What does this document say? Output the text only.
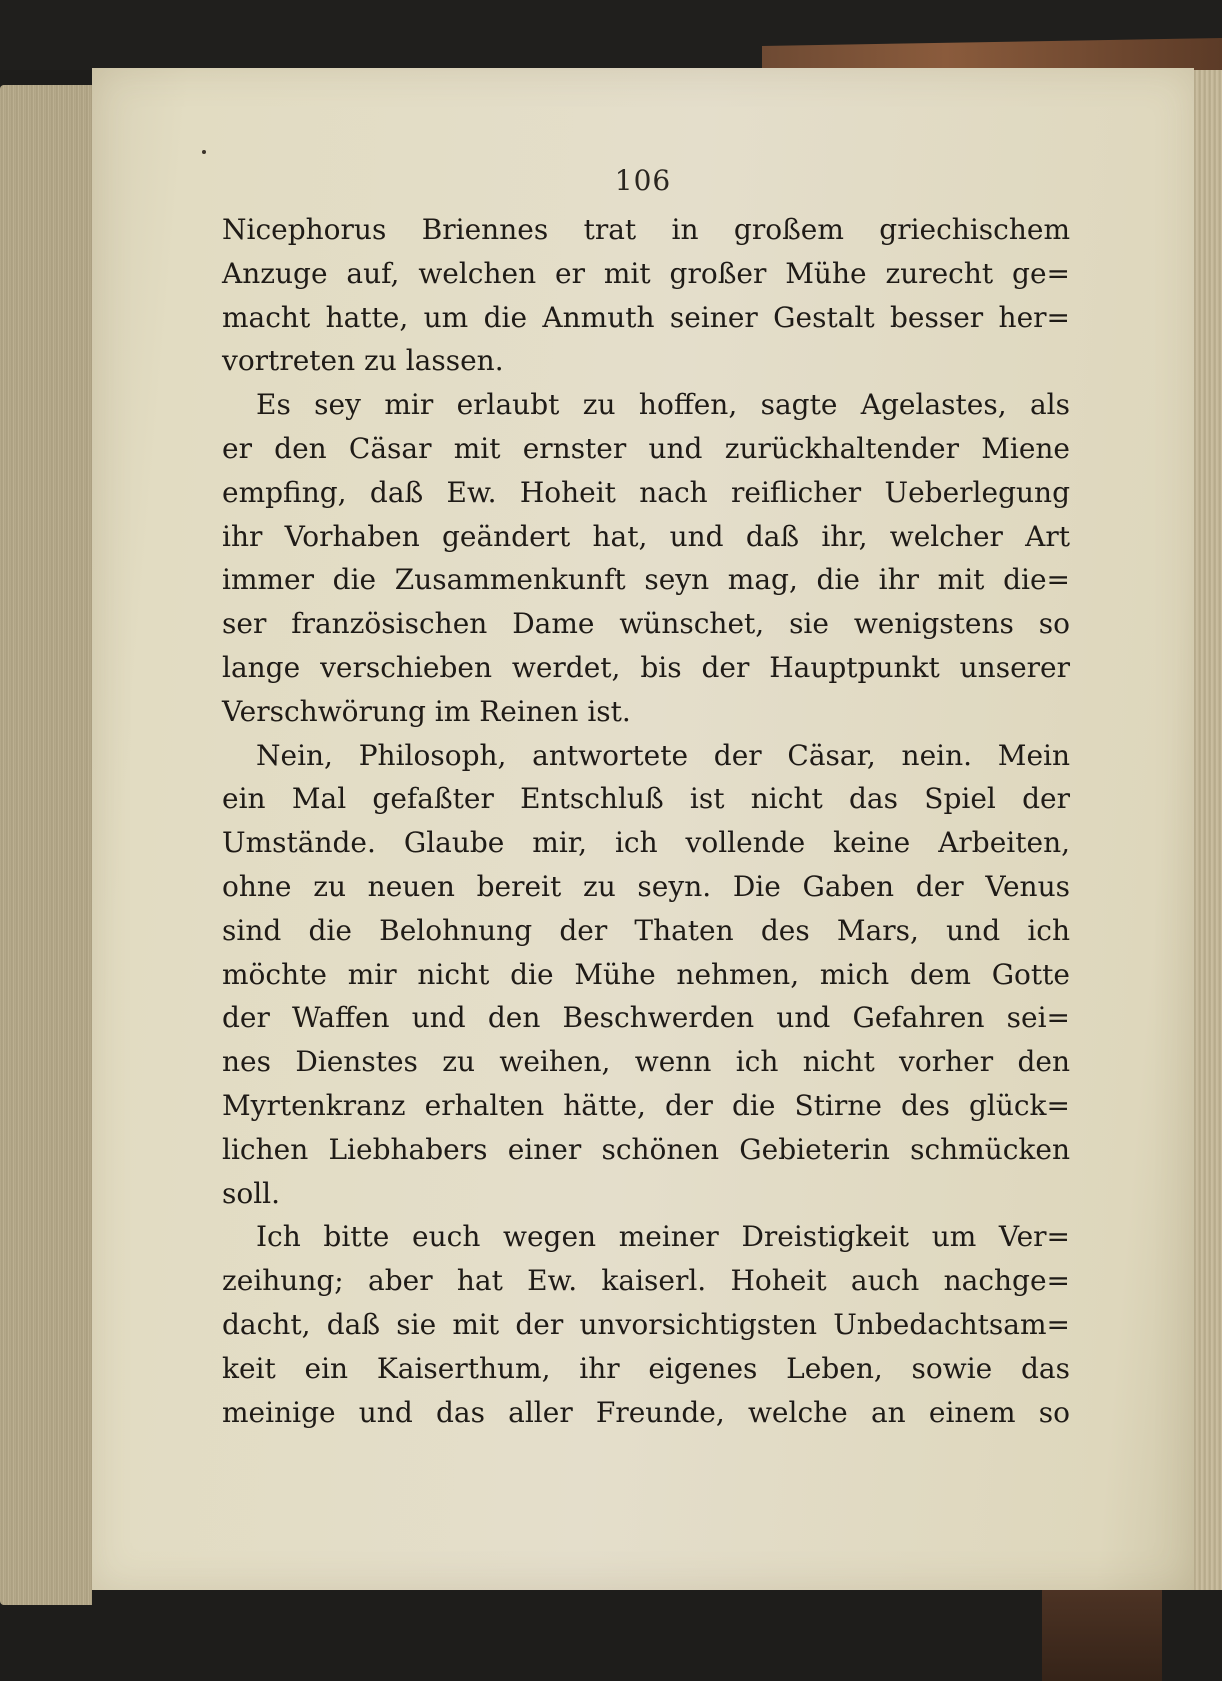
106
Nicephorus Briennes trat in großem griechischem
Anzuge auf, welchen er mit großer Mühe zurecht ge=
macht hatte, um die Anmuth seiner Gestalt besser her=
vortreten zu lassen.
Es sey mir erlaubt zu hoffen, sagte Agelastes, als
er den Cäsar mit ernster und zurückhaltender Miene
empfing, daß Ew. Hoheit nach reiflicher Ueberlegung
ihr Vorhaben geändert hat, und daß ihr, welcher Art
immer die Zusammenkunft seyn mag, die ihr mit die=
ser französischen Dame wünschet, sie wenigstens so
lange verschieben werdet, bis der Hauptpunkt unserer
Verschwörung im Reinen ist.
Nein, Philosoph, antwortete der Cäsar, nein. Mein
ein Mal gefaßter Entschluß ist nicht das Spiel der
Umstände. Glaube mir, ich vollende keine Arbeiten,
ohne zu neuen bereit zu seyn. Die Gaben der Venus
sind die Belohnung der Thaten des Mars, und ich
möchte mir nicht die Mühe nehmen, mich dem Gotte
der Waffen und den Beschwerden und Gefahren sei=
nes Dienstes zu weihen, wenn ich nicht vorher den
Myrtenkranz erhalten hätte, der die Stirne des glück=
lichen Liebhabers einer schönen Gebieterin schmücken
soll.
Ich bitte euch wegen meiner Dreistigkeit um Ver=
zeihung; aber hat Ew. kaiserl. Hoheit auch nachge=
dacht, daß sie mit der unvorsichtigsten Unbedachtsam=
keit ein Kaiserthum, ihr eigenes Leben, sowie das
meinige und das aller Freunde, welche an einem so
